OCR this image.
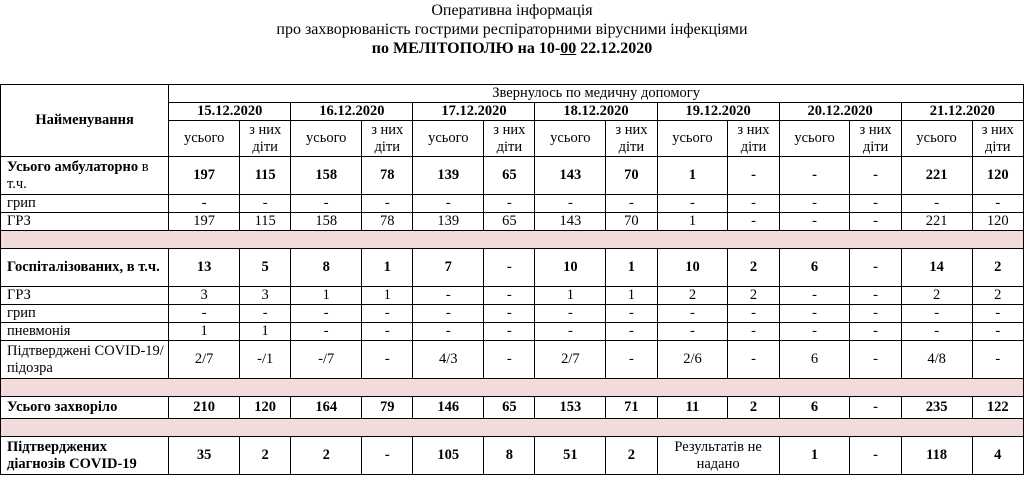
Оперативна інформація
про захворюваність гострими респіраторними вірусними інфекціями
по МЕЛІТОПОЛЮ на 10-00 22.12.2020
Найменування	Звернулось по медичну допомогу													
	15.12.2020		16.12.2020		17.12.2020		18.12.2020		19.12.2020		20.12.2020		21.12.2020	
	усього	з них діти	усього	з них діти	усього	з них діти	усього	з них діти	усього	з них діти	усього	з них діти	усього	з них діти
Усього амбулаторно в т.ч.	197	115	158	78	139	65	143	70	1	-	-	-	221	120
грип	-	-	-	-	-	-	-	-	-	-	-	-	-	-
ГРЗ	197	115	158	78	139	65	143	70	1	-	-	-	221	120

Госпіталізованих, в т.ч.	13	5	8	1	7	-	10	1	10	2	6	-	14	2
ГРЗ	3	3	1	1	-	-	1	1	2	2	-	-	2	2
грип	-	-	-	-	-	-	-	-	-	-	-	-	-	-
пневмонія	1	1	-	-	-	-	-	-	-	-	-	-	-	-
Підтверджені COVID-19/підозра	2/7	-/1	-/7	-	4/3	-	2/7	-	2/6	-	6	-	4/8	-

Усього захворіло	210	120	164	79	146	65	153	71	11	2	6	-	235	122

Підтверджених діагнозів COVID-19	35	2	2	-	105	8	51	2	Результатів не надано		1	-	118	4
